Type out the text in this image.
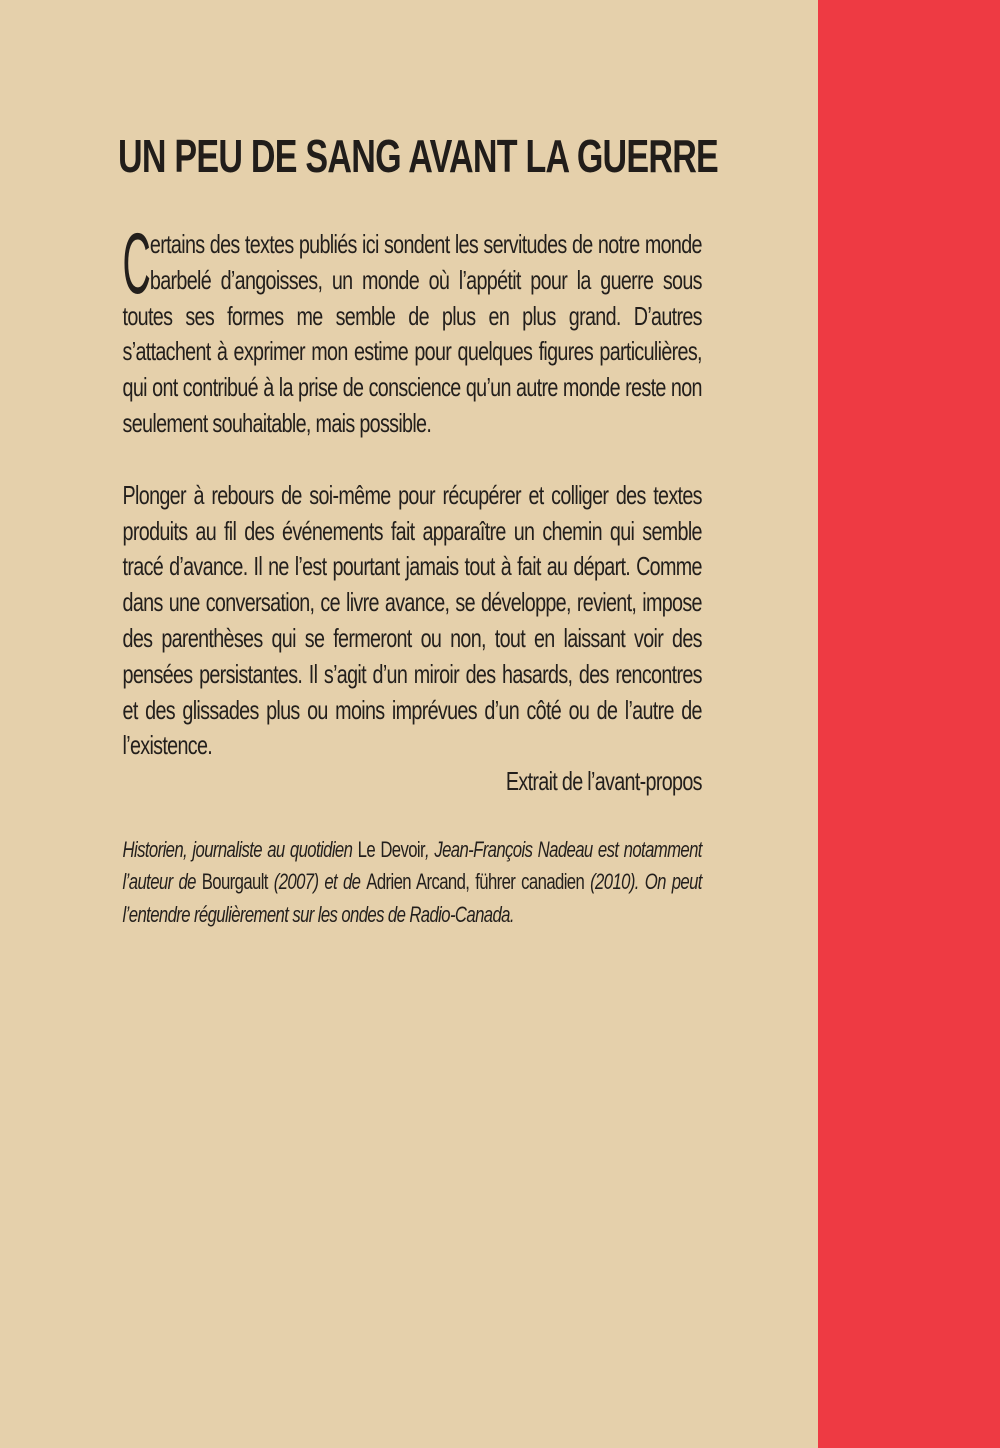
UN PEU DE SANG AVANT LA GUERRE

Certains des textes publiés ici sondent les servitudes de notre monde barbelé d’angoisses, un monde où l’appétit pour la guerre sous toutes ses formes me semble de plus en plus grand. D’autres s’attachent à exprimer mon estime pour quelques figures particulières, qui ont contribué à la prise de conscience qu’un autre monde reste non seulement souhaitable, mais possible.

Plonger à rebours de soi-même pour récupérer et colliger des textes produits au fil des événements fait apparaître un chemin qui semble tracé d’avance. Il ne l’est pourtant jamais tout à fait au départ. Comme dans une conversation, ce livre avance, se développe, revient, impose des parenthèses qui se fermeront ou non, tout en laissant voir des pensées persistantes. Il s’agit d’un miroir des hasards, des rencontres et des glissades plus ou moins imprévues d’un côté ou de l’autre de l’existence.

Extrait de l’avant-propos

Historien, journaliste au quotidien Le Devoir, Jean-François Nadeau est notamment l’auteur de Bourgault (2007) et de Adrien Arcand, führer canadien (2010). On peut l’entendre régulièrement sur les ondes de Radio-Canada.
